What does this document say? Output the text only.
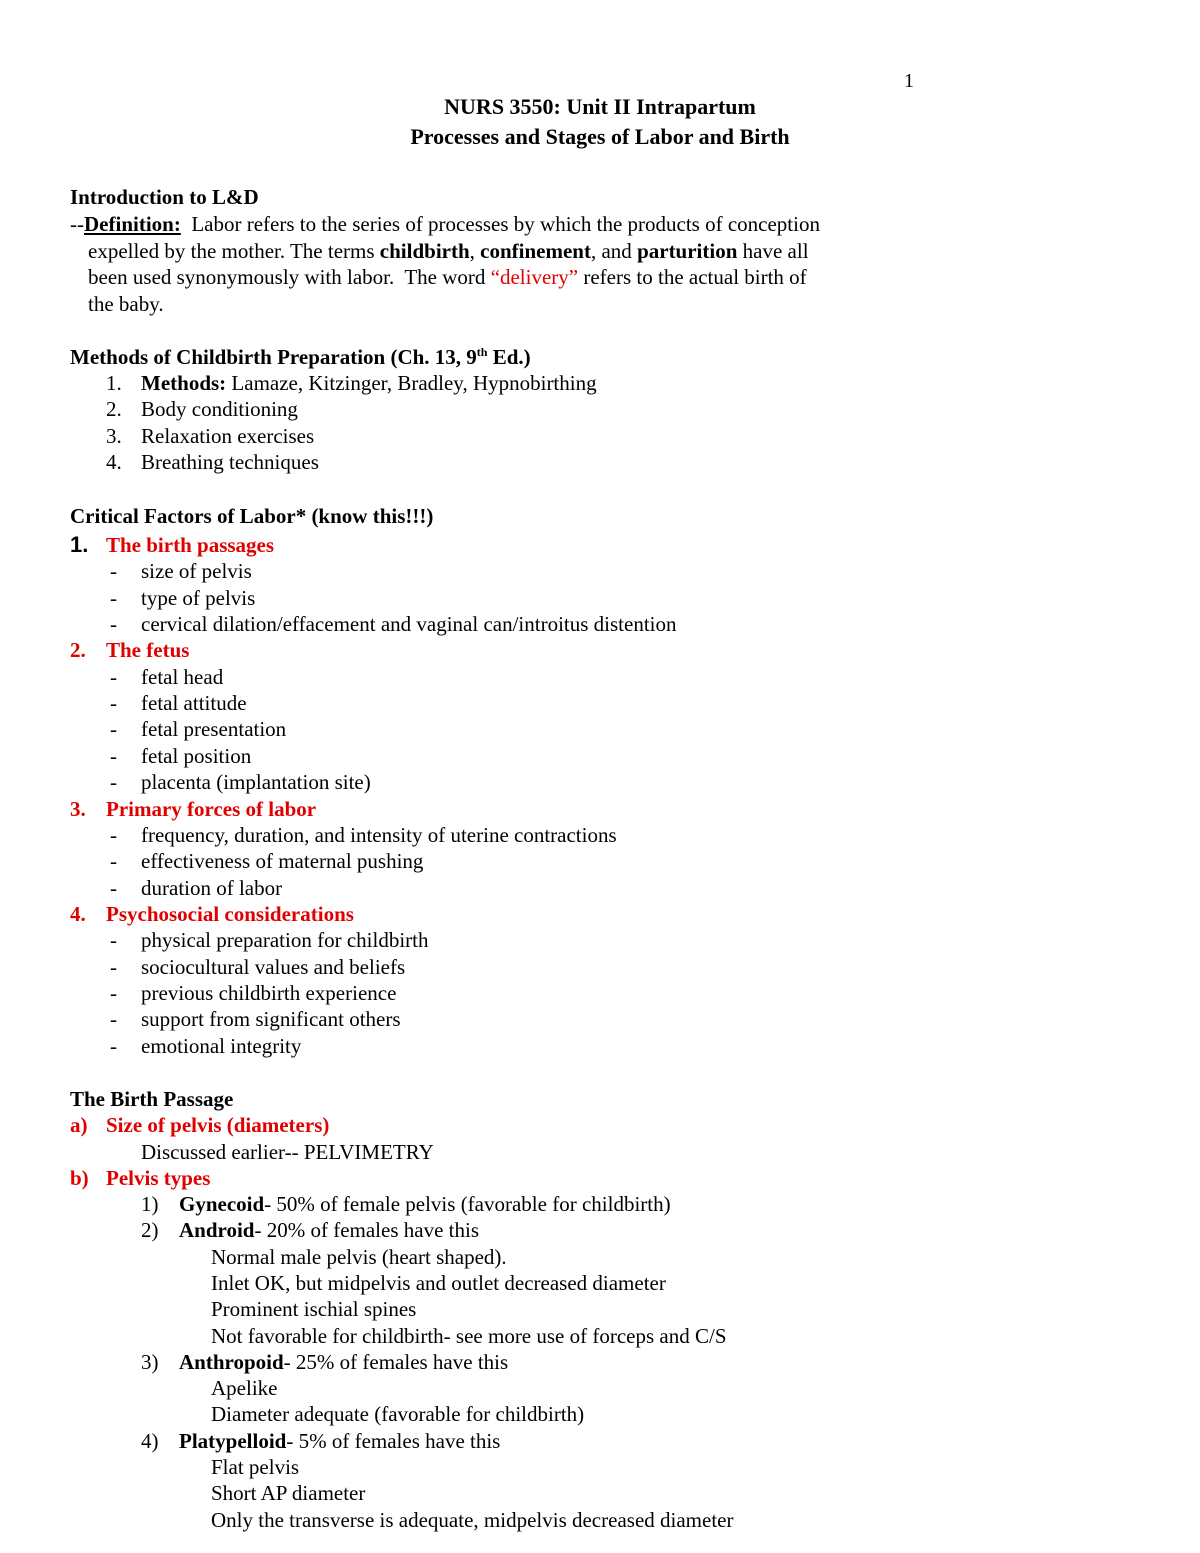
1
NURS 3550: Unit II Intrapartum
Processes and Stages of Labor and Birth
Introduction to L&D
--Definition:  Labor refers to the series of processes by which the products of conception
expelled by the mother. The terms childbirth, confinement, and parturition have all
been used synonymously with labor.  The word “delivery” refers to the actual birth of
the baby.
Methods of Childbirth Preparation (Ch. 13, 9th Ed.)
1. Methods: Lamaze, Kitzinger, Bradley, Hypnobirthing
2. Body conditioning
3. Relaxation exercises
4. Breathing techniques
Critical Factors of Labor* (know this!!!)
1. The birth passages
- size of pelvis
- type of pelvis
- cervical dilation/effacement and vaginal can/introitus distention
2. The fetus
- fetal head
- fetal attitude
- fetal presentation
- fetal position
- placenta (implantation site)
3. Primary forces of labor
- frequency, duration, and intensity of uterine contractions
- effectiveness of maternal pushing
- duration of labor
4. Psychosocial considerations
- physical preparation for childbirth
- sociocultural values and beliefs
- previous childbirth experience
- support from significant others
- emotional integrity
The Birth Passage
a) Size of pelvis (diameters)
Discussed earlier-- PELVIMETRY
b) Pelvis types
1) Gynecoid- 50% of female pelvis (favorable for childbirth)
2) Android- 20% of females have this
Normal male pelvis (heart shaped).
Inlet OK, but midpelvis and outlet decreased diameter
Prominent ischial spines
Not favorable for childbirth- see more use of forceps and C/S
3) Anthropoid- 25% of females have this
Apelike
Diameter adequate (favorable for childbirth)
4) Platypelloid- 5% of females have this
Flat pelvis
Short AP diameter
Only the transverse is adequate, midpelvis decreased diameter
